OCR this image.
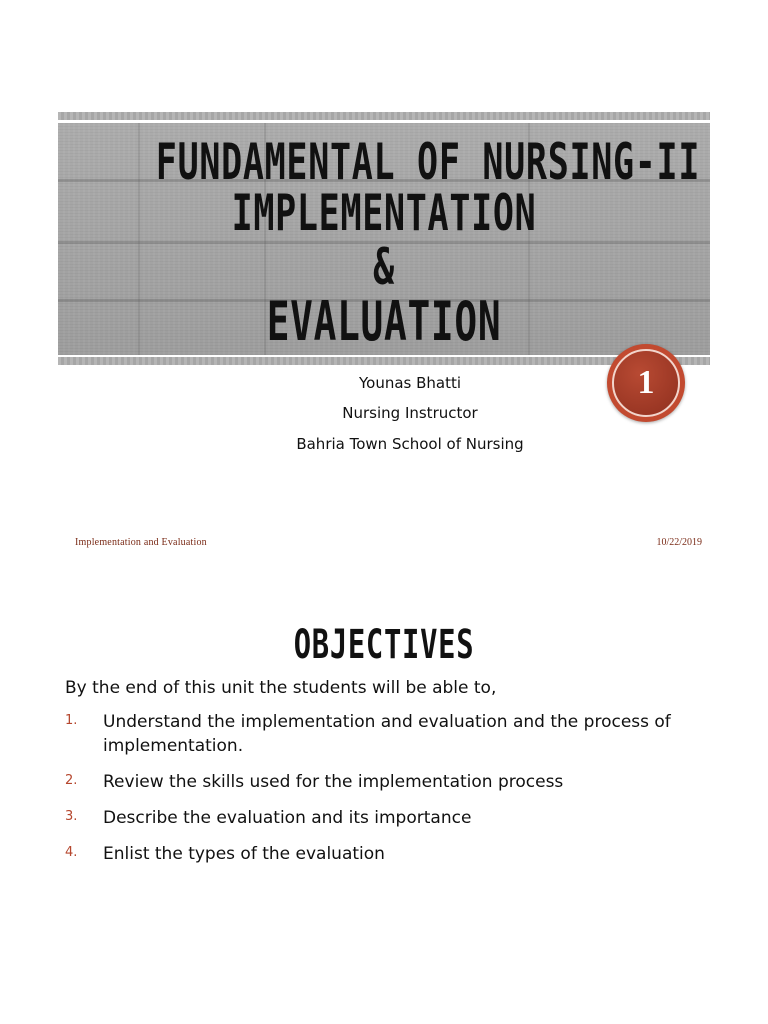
FUNDAMENTAL OF NURSING-II
IMPLEMENTATION
&
EVALUATION
1
Younas Bhatti
Nursing Instructor
Bahria Town School of Nursing
Implementation and Evaluation	10/22/2019
OBJECTIVES
By the end of this unit the students will be able to,
1. Understand the implementation and evaluation and the process of implementation.
2. Review the skills used for the implementation process
3. Describe the evaluation and its importance
4. Enlist the types of the evaluation
